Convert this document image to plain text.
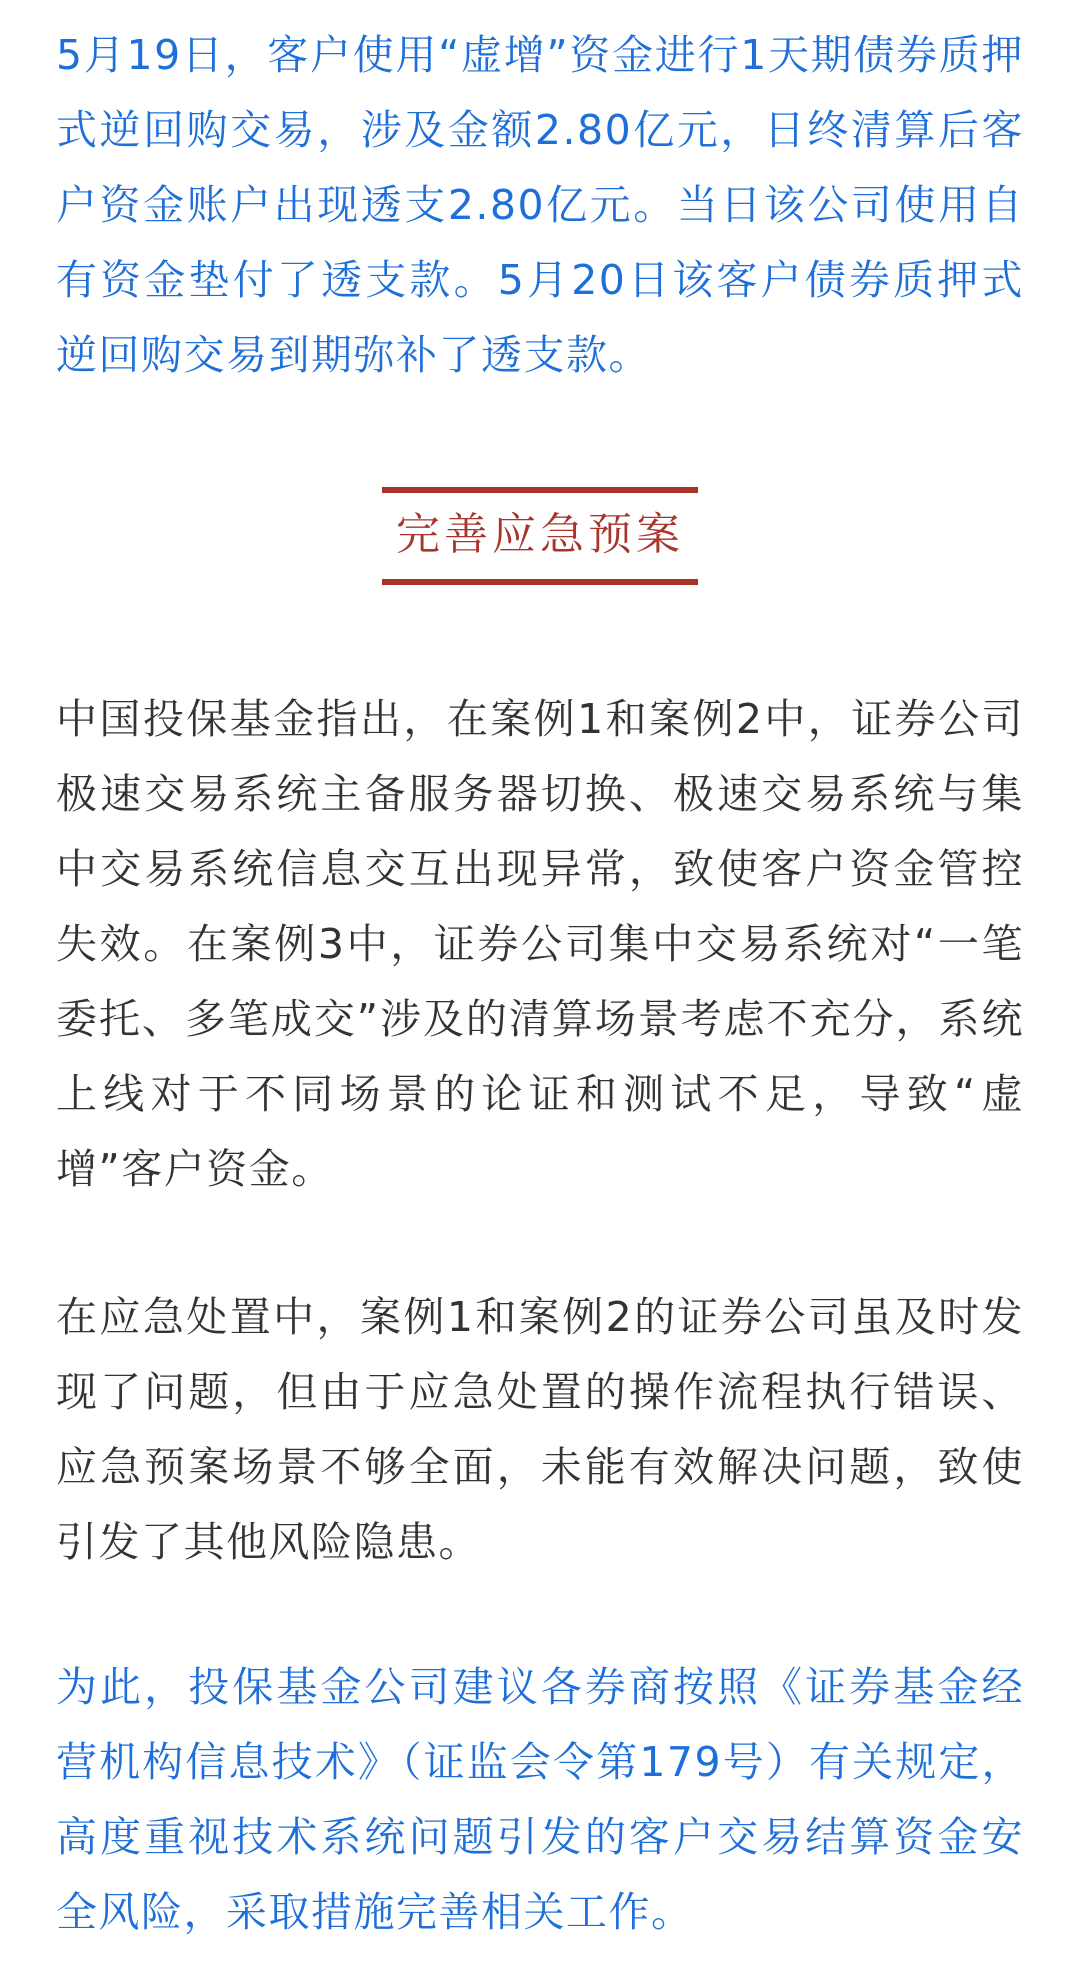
5月19日，客户使用“虚增”资金进行1天期债券质押式逆回购交易，涉及金额2.80亿元，日终清算后客户资金账户出现透支2.80亿元。当日该公司使用自有资金垫付了透支款。5月20日该客户债券质押式逆回购交易到期弥补了透支款。

完善应急预案

中国投保基金指出，在案例1和案例2中，证券公司极速交易系统主备服务器切换、极速交易系统与集中交易系统信息交互出现异常，致使客户资金管控失效。在案例3中，证券公司集中交易系统对“一笔委托、多笔成交”涉及的清算场景考虑不充分，系统上线对于不同场景的论证和测试不足，导致“虚增”客户资金。

在应急处置中，案例1和案例2的证券公司虽及时发现了问题，但由于应急处置的操作流程执行错误、应急预案场景不够全面，未能有效解决问题，致使引发了其他风险隐患。

为此，投保基金公司建议各券商按照《证券基金经营机构信息技术》（证监会令第179号）有关规定，高度重视技术系统问题引发的客户交易结算资金安全风险，采取措施完善相关工作。
